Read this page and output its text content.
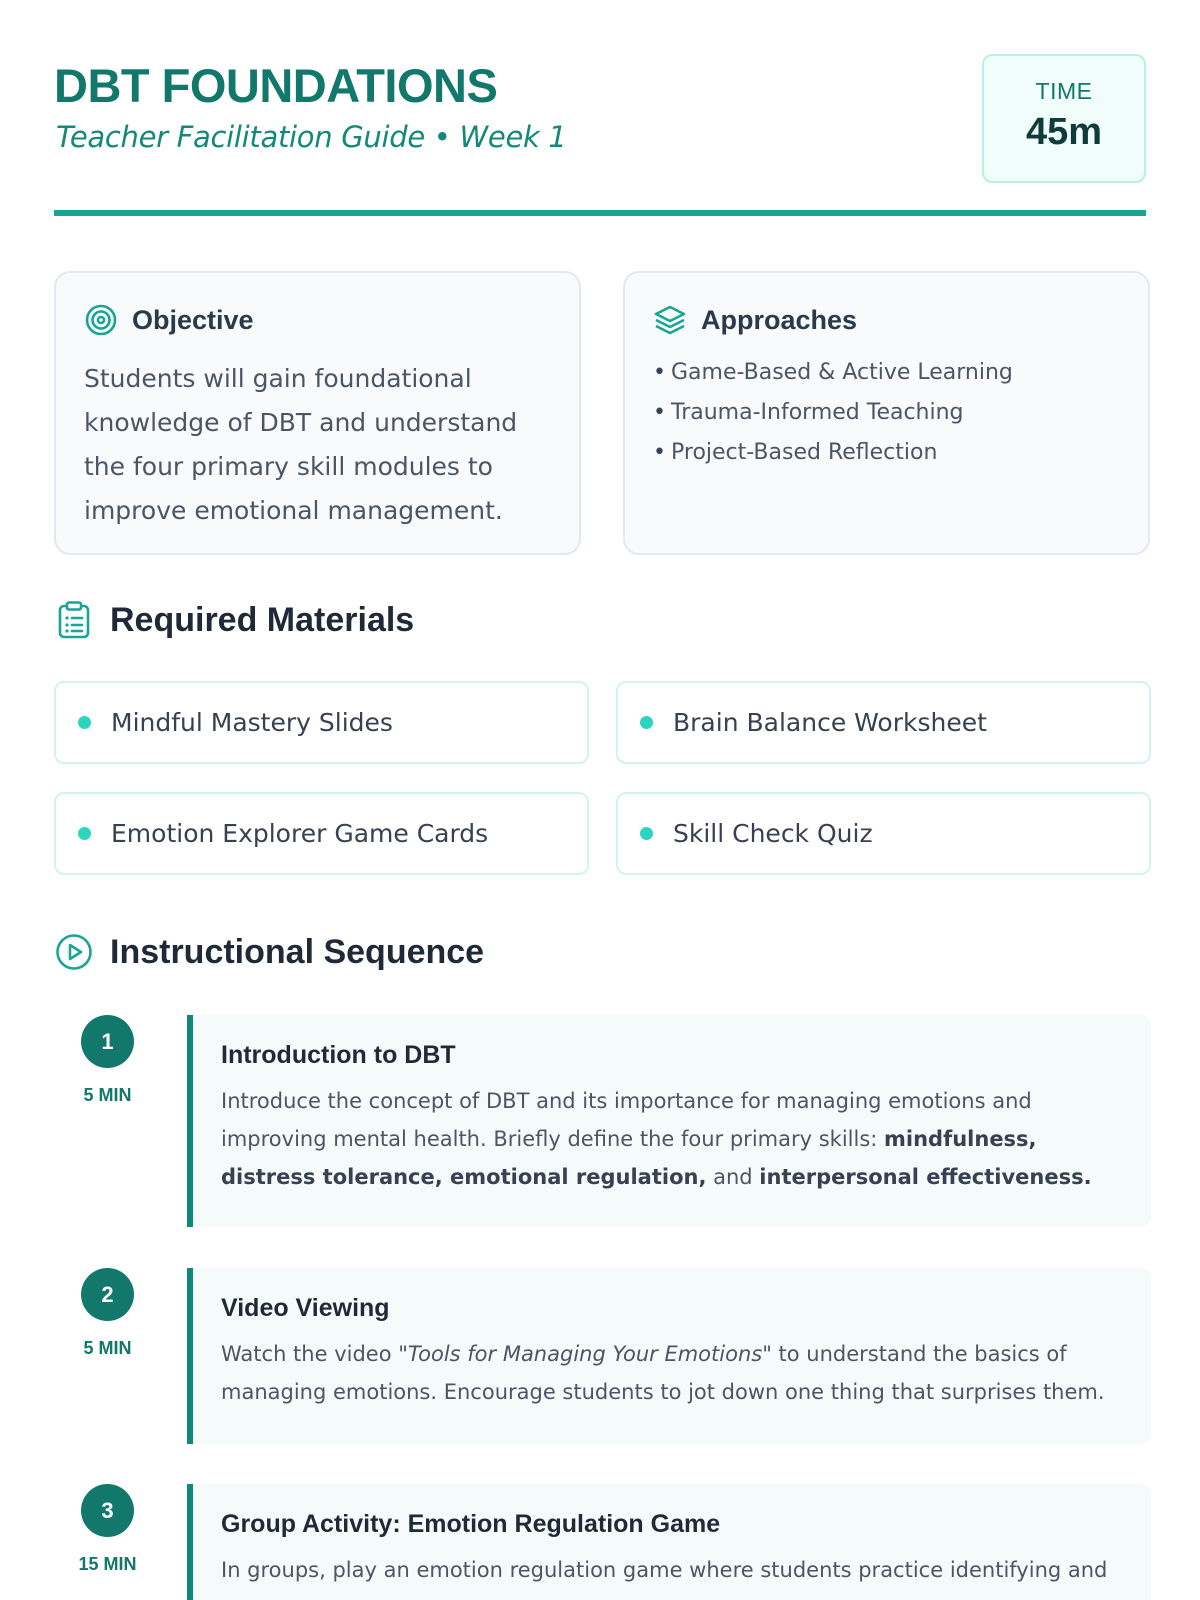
DBT FOUNDATIONS

Teacher Facilitation Guide • Week 1

TIME
45m
Objective
Students will gain foundational knowledge of DBT and understand the four primary skill modules to improve emotional management.
Approaches
• Game-Based & Active Learning
• Trauma-Informed Teaching
• Project-Based Reflection
Required Materials
Mindful Mastery Slides	Brain Balance Worksheet
Emotion Explorer Game Cards	Skill Check Quiz
Instructional Sequence
1
5 MIN
Introduction to DBT

Introduce the concept of DBT and its importance for managing emotions and improving mental health. Briefly define the four primary skills: mindfulness, distress tolerance, emotional regulation, and interpersonal effectiveness.

2
5 MIN
Video Viewing

Watch the video "Tools for Managing Your Emotions" to understand the basics of managing emotions. Encourage students to jot down one thing that surprises them.

3
15 MIN
Group Activity: Emotion Regulation Game

In groups, play an emotion regulation game where students practice identifying and
